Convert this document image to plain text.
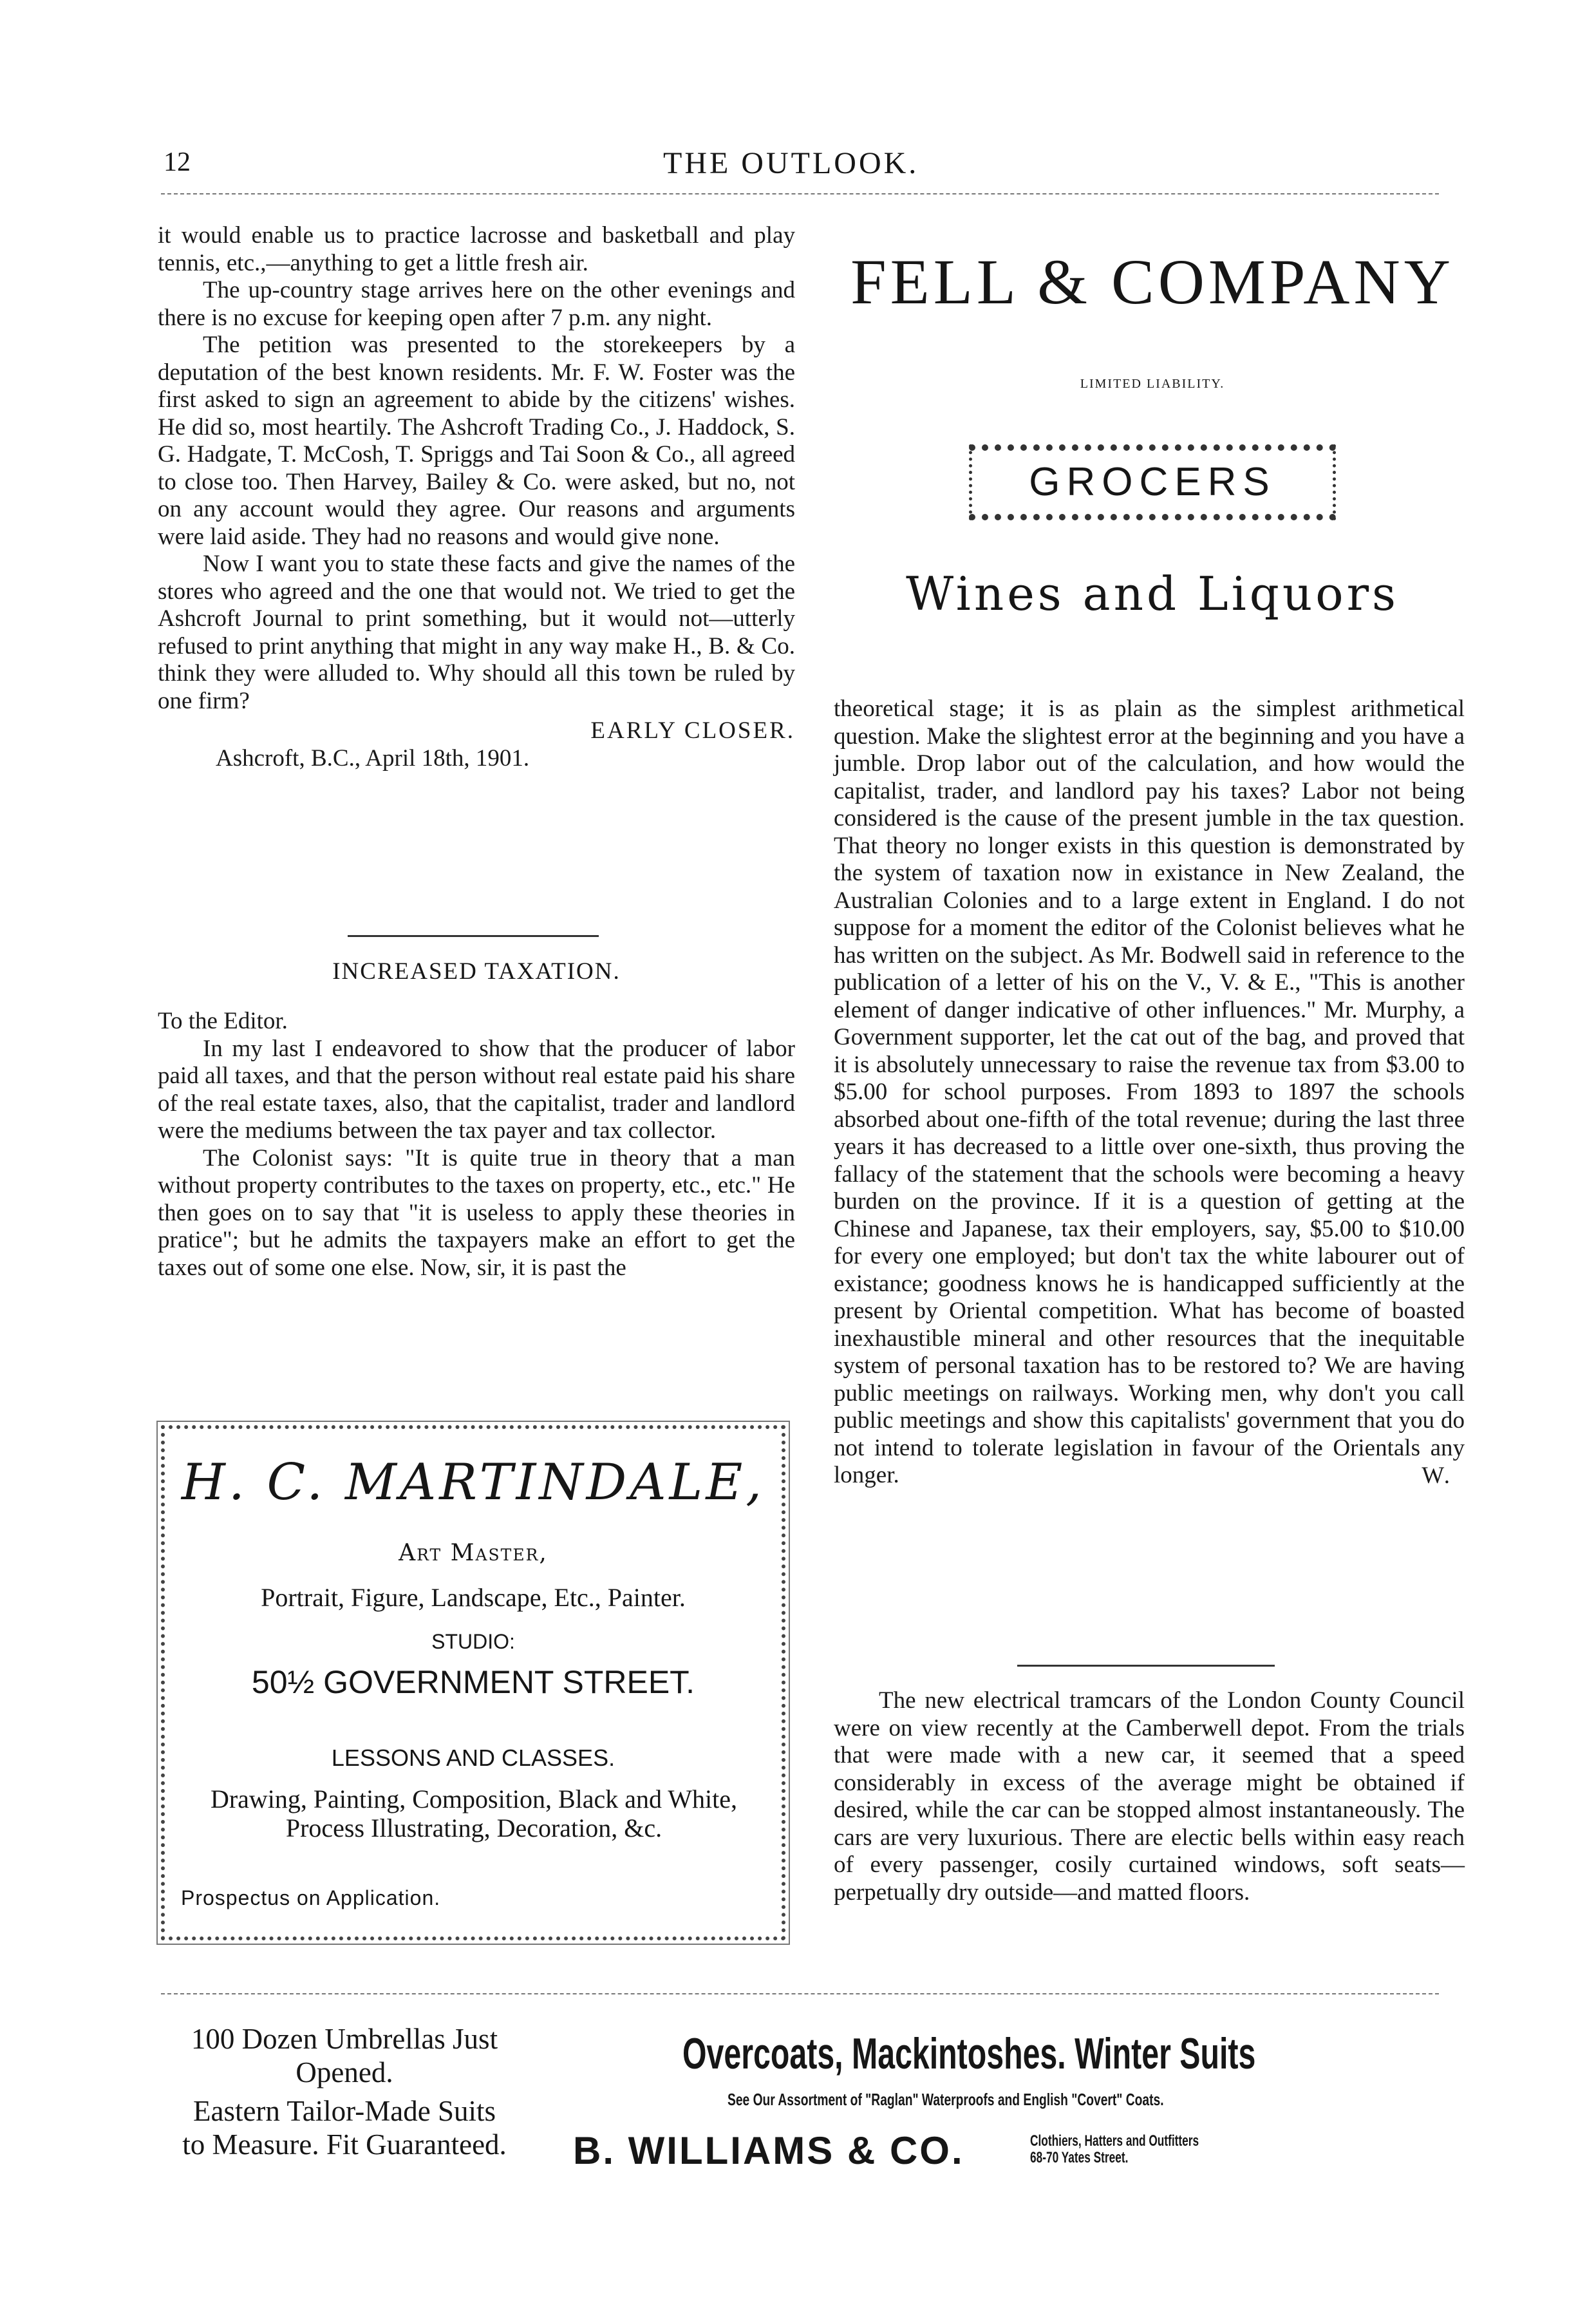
12	THE OUTLOOK.

it would enable us to practice lacrosse and basketball and play tennis, etc.,—anything to get a little fresh air.

The up-country stage arrives here on the other evenings and there is no excuse for keeping open after 7 p.m. any night.

The petition was presented to the storekeepers by a deputation of the best known residents. Mr. F. W. Foster was the first asked to sign an agreement to abide by the citizens' wishes. He did so, most heartily. The Ashcroft Trading Co., J. Haddock, S. G. Hadgate, T. McCosh, T. Spriggs and Tai Soon & Co., all agreed to close too. Then Harvey, Bailey & Co. were asked, but no, not on any account would they agree. Our reasons and arguments were laid aside. They had no reasons and would give none.

Now I want you to state these facts and give the names of the stores who agreed and the one that would not. We tried to get the Ashcroft Journal to print something, but it would not—utterly refused to print anything that might in any way make H., B. & Co. think they were alluded to. Why should all this town be ruled by one firm?

EARLY CLOSER.
Ashcroft, B.C., April 18th, 1901.
INCREASED TAXATION.

To the Editor.

In my last I endeavored to show that the producer of labor paid all taxes, and that the person without real estate paid his share of the real estate taxes, also, that the capitalist, trader and landlord were the mediums between the tax payer and tax collector.

The Colonist says: "It is quite true in theory that a man without property contributes to the taxes on property, etc., etc." He then goes on to say that "it is useless to apply these theories in pratice"; but he admits the taxpayers make an effort to get the taxes out of some one else. Now, sir, it is past the

FELL & COMPANY
LIMITED LIABILITY.
GROCERS
Wines and Liquors

theoretical stage; it is as plain as the simplest arithmetical question. Make the slightest error at the beginning and you have a jumble. Drop labor out of the calculation, and how would the capitalist, trader, and landlord pay his taxes? Labor not being considered is the cause of the present jumble in the tax question. That theory no longer exists in this question is demonstrated by the system of taxation now in existance in New Zealand, the Australian Colonies and to a large extent in England. I do not suppose for a moment the editor of the Colonist believes what he has written on the subject. As Mr. Bodwell said in reference to the publication of a letter of his on the V., V. & E., "This is another element of danger indicative of other influences." Mr. Murphy, a Government supporter, let the cat out of the bag, and proved that it is absolutely unnecessary to raise the revenue tax from $3.00 to $5.00 for school purposes. From 1893 to 1897 the schools absorbed about one-fifth of the total revenue; during the last three years it has decreased to a little over one-sixth, thus proving the fallacy of the statement that the schools were becoming a heavy burden on the province. If it is a question of getting at the Chinese and Japanese, tax their employers, say, $5.00 to $10.00 for every one employed; but don't tax the white labourer out of existance; goodness knows he is handicapped sufficiently at the present by Oriental competition. What has become of boasted inexhaustible mineral and other resources that the inequitable system of personal taxation has to be restored to? We are having public meetings on railways. Working men, why don't you call public meetings and show this capitalists' government that you do not intend to tolerate legislation in favour of the Orientals any longer.	W.

The new electrical tramcars of the London County Council were on view recently at the Camberwell depot. From the trials that were made with a new car, it seemed that a speed considerably in excess of the average might be obtained if desired, while the car can be stopped almost instantaneously. The cars are very luxurious. There are electic bells within easy reach of every passenger, cosily curtained windows, soft seats—perpetually dry outside—and matted floors.

H. C. MARTINDALE,
Art Master,
Portrait, Figure, Landscape, Etc., Painter.
STUDIO:
50½ GOVERNMENT STREET.
LESSONS AND CLASSES.
Drawing, Painting, Composition, Black and White, Process Illustrating, Decoration, &c.
Prospectus on Application.
100 Dozen Umbrellas Just
Opened.
Eastern Tailor-Made Suits
to Measure. Fit Guaranteed.
Overcoats, Mackintoshes. Winter Suits
See Our Assortment of "Raglan" Waterproofs and English "Covert" Coats.
B. WILLIAMS & CO.	Clothiers, Hatters and Outfitters
68-70 Yates Street.
